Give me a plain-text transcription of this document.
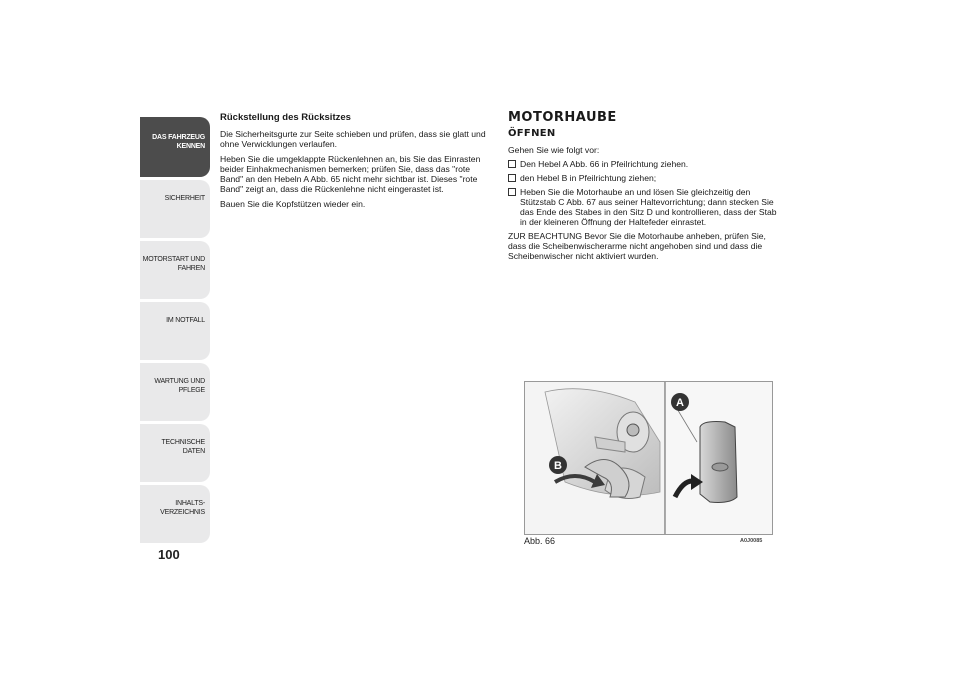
DAS FAHRZEUG
KENNEN
SICHERHEIT
MOTORSTART UND
FAHREN
IM NOTFALL
WARTUNG UND
PFLEGE
TECHNISCHE DATEN
INHALTS-
VERZEICHNIS
100
Rückstellung des Rücksitzes

Die Sicherheitsgurte zur Seite schieben und prüfen, dass sie glatt und ohne Verwicklungen verlaufen.

Heben Sie die umgeklappte Rückenlehnen an, bis Sie das Einrasten beider Einhakmechanismen bemerken; prüfen Sie, dass das "rote Band" an den Hebeln A Abb. 65 nicht mehr sichtbar ist. Dieses "rote Band" zeigt an, dass die Rückenlehne nicht eingerastet ist.

Bauen Sie die Kopfstützen wieder ein.

MOTORHAUBE
ÖFFNEN

Gehen Sie wie folgt vor:

Den Hebel A Abb. 66 in Pfeilrichtung ziehen.
den Hebel B in Pfeilrichtung ziehen;
Heben Sie die Motorhaube an und lösen Sie gleichzeitig den Stützstab C Abb. 67 aus seiner Haltevorrichtung; dann stecken Sie das Ende des Stabes in den Sitz D und kontrollieren, dass der Stab in der kleineren Öffnung der Haltefeder einrastet.

ZUR BEACHTUNG Bevor Sie die Motorhaube anheben, prüfen Sie, dass die Scheibenwischerarme nicht angehoben sind und dass die Scheibenwischer nicht aktiviert wurden.

A
B
Abb. 66	A0J0085
